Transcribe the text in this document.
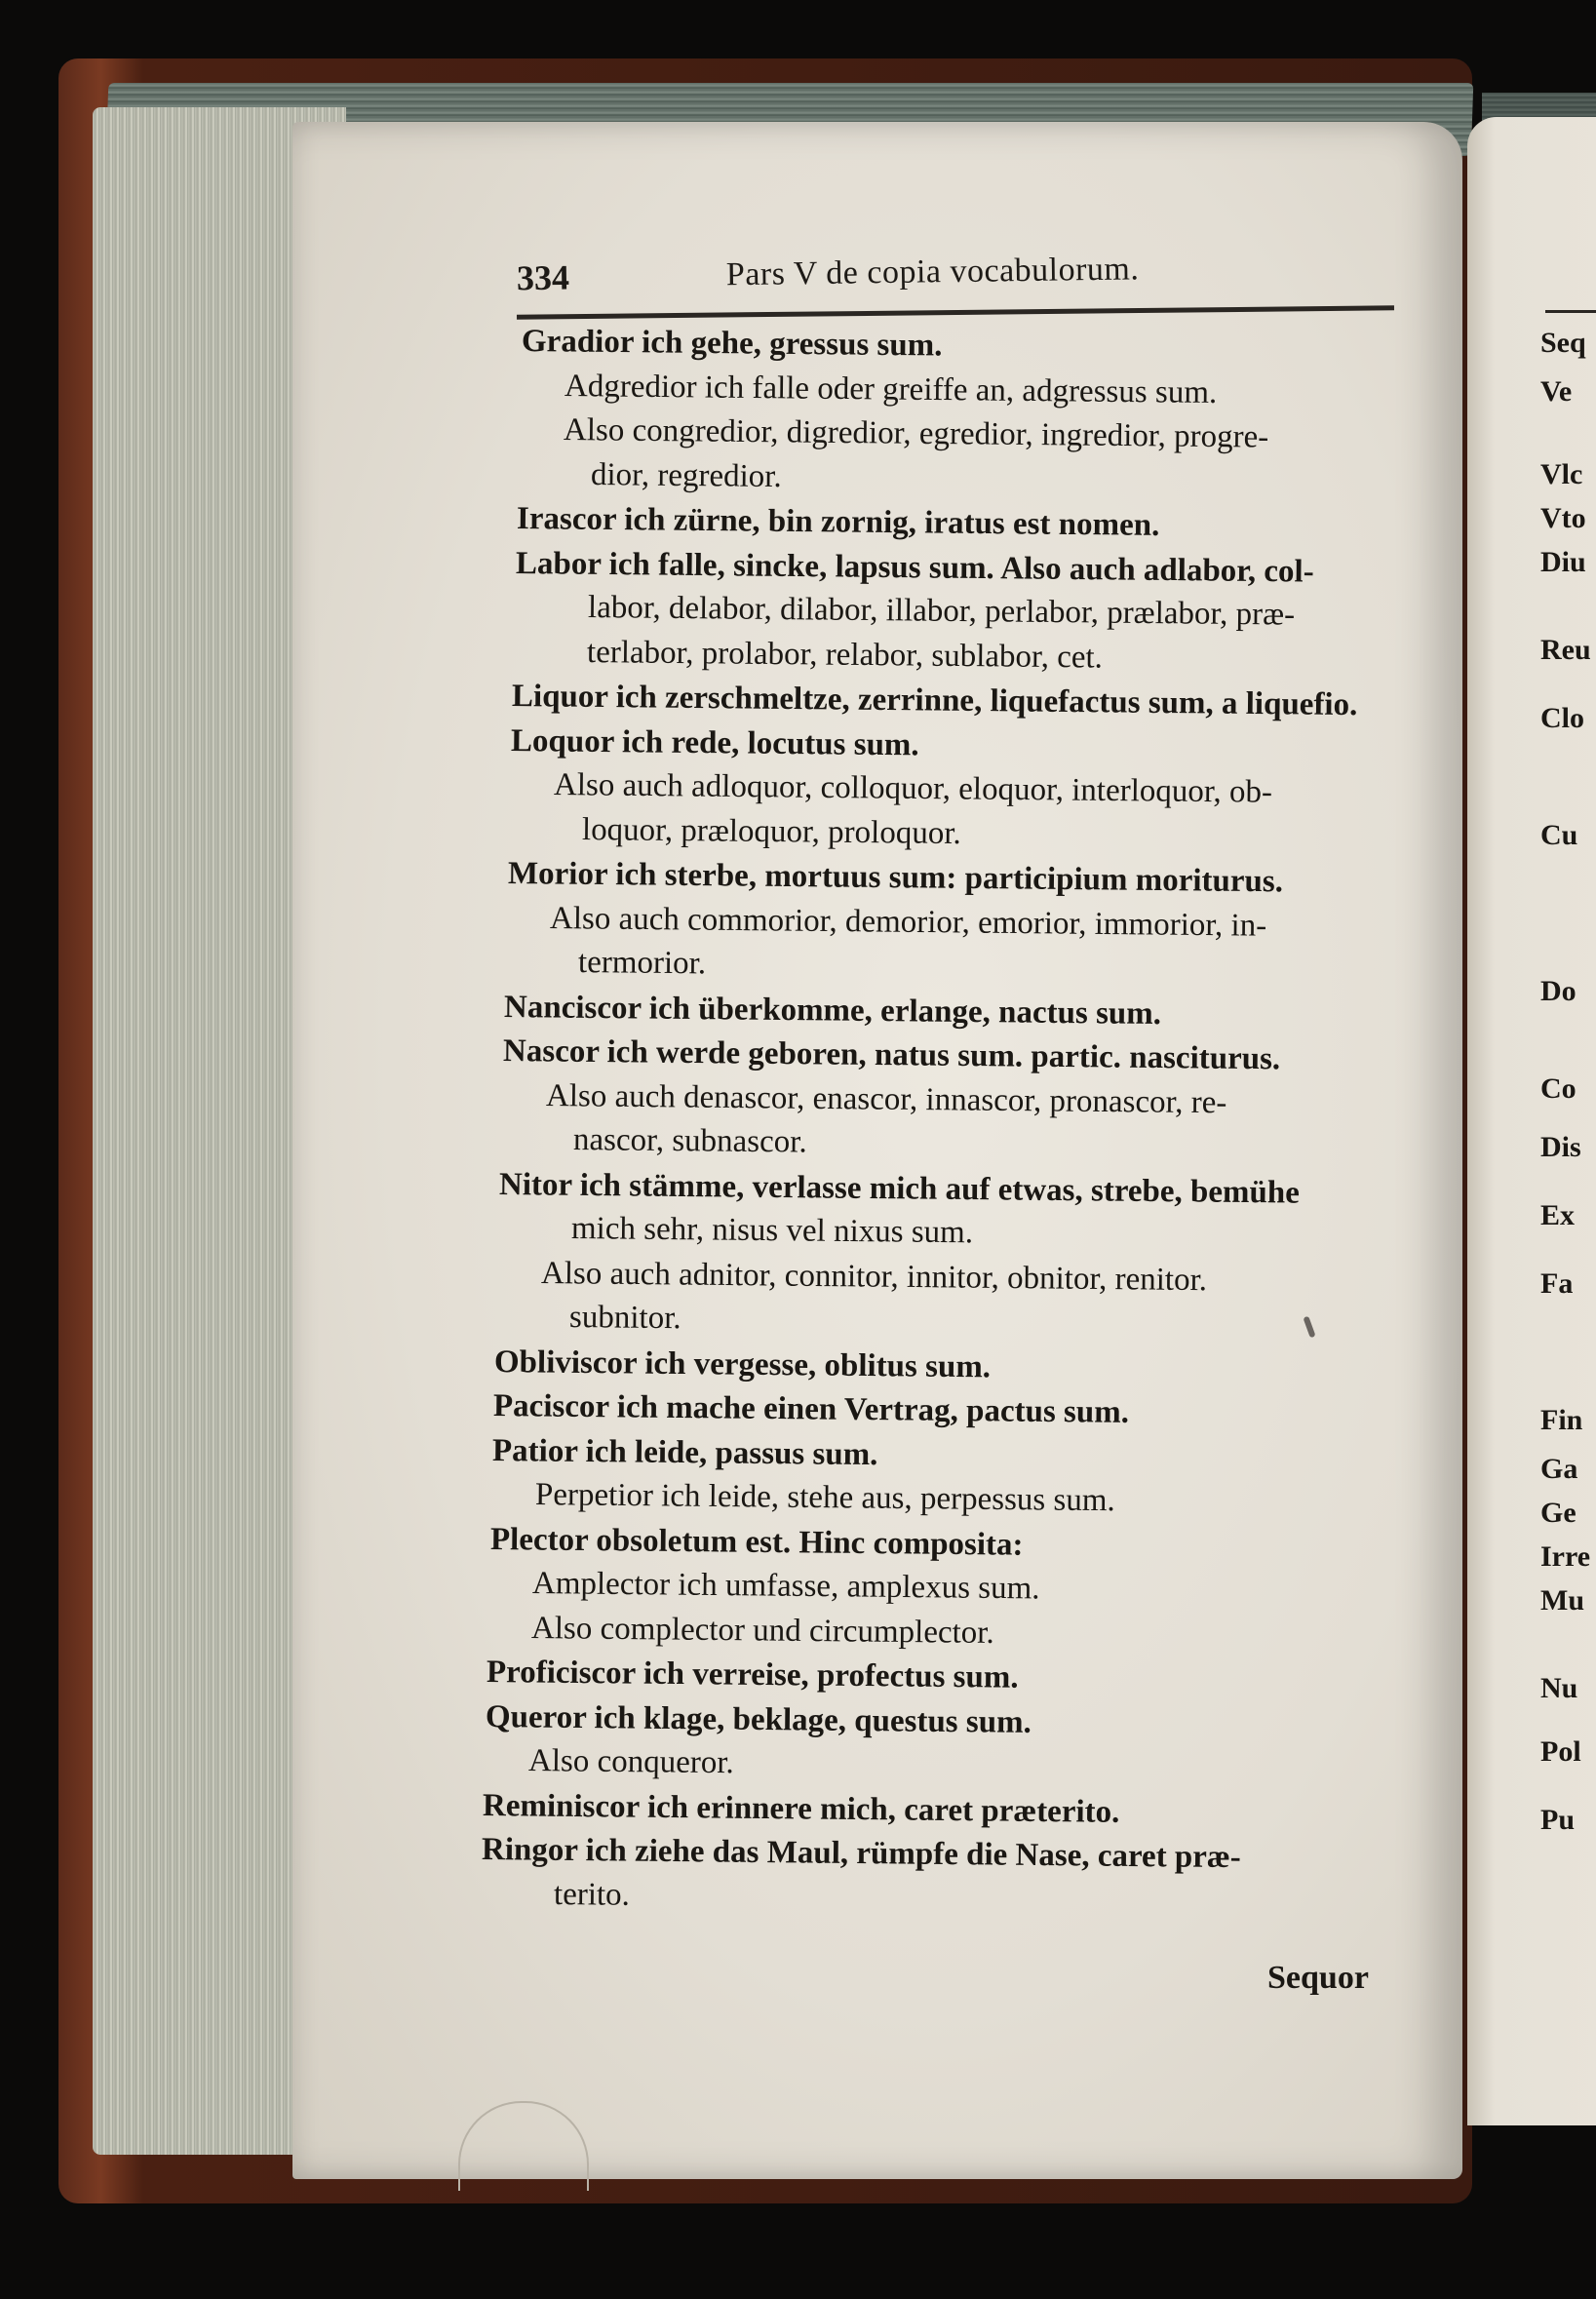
334	Pars V de copia vocabulorum.
Gradior ich gehe, gressus sum.
Adgredior ich falle oder greiffe an, adgressus sum.
Also congredior, digredior, egredior, ingredior, progre-
dior, regredior.
Irascor ich zürne, bin zornig, iratus est nomen.
Labor ich falle, sincke, lapsus sum. Also auch adlabor, col-
labor, delabor, dilabor, illabor, perlabor, prælabor, præ-
terlabor, prolabor, relabor, sublabor, cet.
Liquor ich zerschmeltze, zerrinne, liquefactus sum, a liquefio.
Loquor ich rede, locutus sum.
Also auch adloquor, colloquor, eloquor, interloquor, ob-
loquor, præloquor, proloquor.
Morior ich sterbe, mortuus sum: participium moriturus.
Also auch commorior, demorior, emorior, immorior, in-
termorior.
Nanciscor ich überkomme, erlange, nactus sum.
Nascor ich werde geboren, natus sum. partic. nasciturus.
Also auch denascor, enascor, innascor, pronascor, re-
nascor, subnascor.
Nitor ich stämme, verlasse mich auf etwas, strebe, bemühe
mich sehr, nisus vel nixus sum.
Also auch adnitor, connitor, innitor, obnitor, renitor.
subnitor.
Obliviscor ich vergesse, oblitus sum.
Paciscor ich mache einen Vertrag, pactus sum.
Patior ich leide, passus sum.
Perpetior ich leide, stehe aus, perpessus sum.
Plector obsoletum est. Hinc composita:
Amplector ich umfasse, amplexus sum.
Also complector und circumplector.
Proficiscor ich verreise, profectus sum.
Queror ich klage, beklage, questus sum.
Also conqueror.
Reminiscor ich erinnere mich, caret præterito.
Ringor ich ziehe das Maul, rümpfe die Nase, caret præ-
terito.
Sequor
Seq
Ve
Vlc
Vto
Diu
Reu
Clo
Cu
Do
Co
Dis
Ex
Fa
Fin
Ga
Ge
Irre
Mu
Nu
Pol
Pu
